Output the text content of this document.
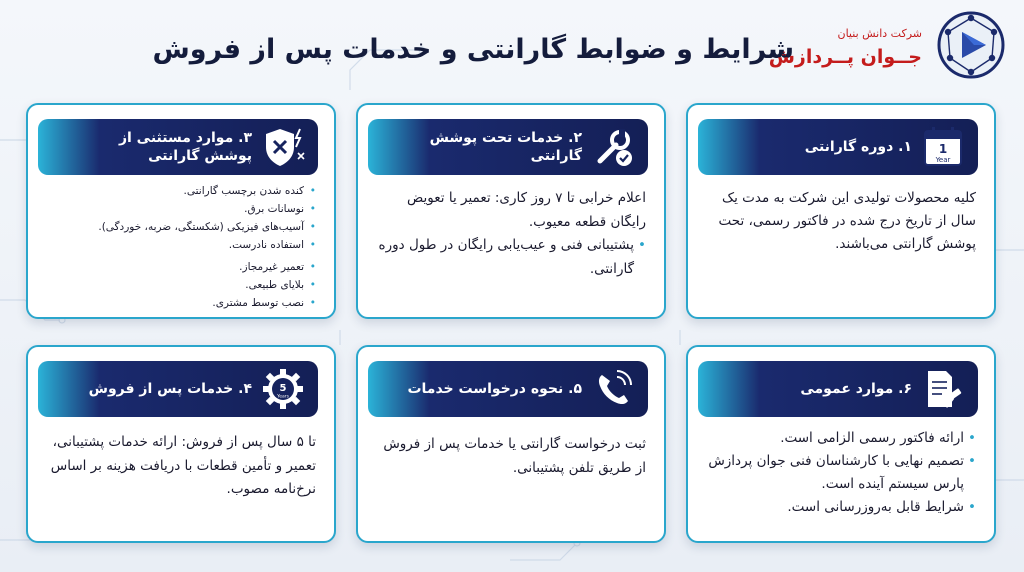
شرایط و ضوابط گارانتی و خدمات پس از فروش
شرکت دانش بنیان
جــوان پــردازش
1
Year
۱. دوره گارانتی
کلیه محصولات تولیدی این شرکت به مدت یک سال از تاریخ درج شده در فاکتور رسمی، تحت پوشش گارانتی می‌باشند.
۲. خدمات تحت پوشش گارانتی
اعلام خرابی تا ۷ روز کاری: تعمیر یا تعویض رایگان قطعه معیوب.
• پشتیبانی فنی و عیب‌یابی رایگان در طول دوره گارانتی.
۳. موارد مستثنی از
پوشش گارانتی
• کنده شدن برچسب گارانتی.
• نوسانات برق.
• آسیب‌های فیزیکی (شکستگی، ضربه، خوردگی).
• استفاده نادرست.
• تعمیر غیرمجاز.
• بلایای طبیعی.
• نصب توسط مشتری.
۶. موارد عمومی
• ارائه فاکتور رسمی الزامی است.
• تصمیم نهایی با کارشناسان فنی جوان پردازش پارس سیستم آینده است.
• شرایط قابل به‌روزرسانی است.
۵. نحوه درخواست خدمات
ثبت درخواست گارانتی یا خدمات پس از فروش از طریق تلفن پشتیبانی.
5
Years
۴. خدمات پس از فروش
تا ۵ سال پس از فروش: ارائه خدمات پشتیبانی، تعمیر و تأمین قطعات با دریافت هزینه بر اساس نرخ‌نامه مصوب.
